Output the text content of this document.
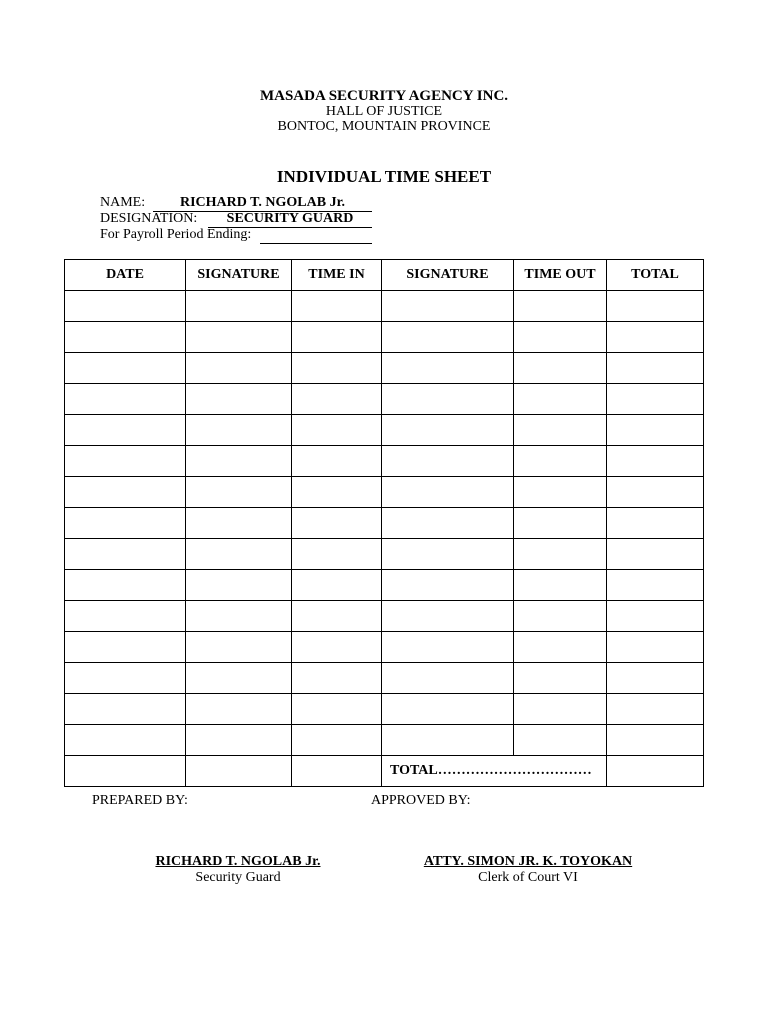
MASADA SECURITY AGENCY INC.
HALL OF JUSTICE
BONTOC, MOUNTAIN PROVINCE
INDIVIDUAL TIME SHEET
NAME:	RICHARD T. NGOLAB Jr.
DESIGNATION:	SECURITY GUARD
For Payroll Period Ending:
DATE	SIGNATURE	TIME IN	SIGNATURE	TIME OUT	TOTAL

			TOTAL……………………………		
PREPARED BY:	APPROVED BY:
RICHARD T. NGOLAB Jr.
Security Guard
ATTY. SIMON JR. K. TOYOKAN
Clerk of Court VI
